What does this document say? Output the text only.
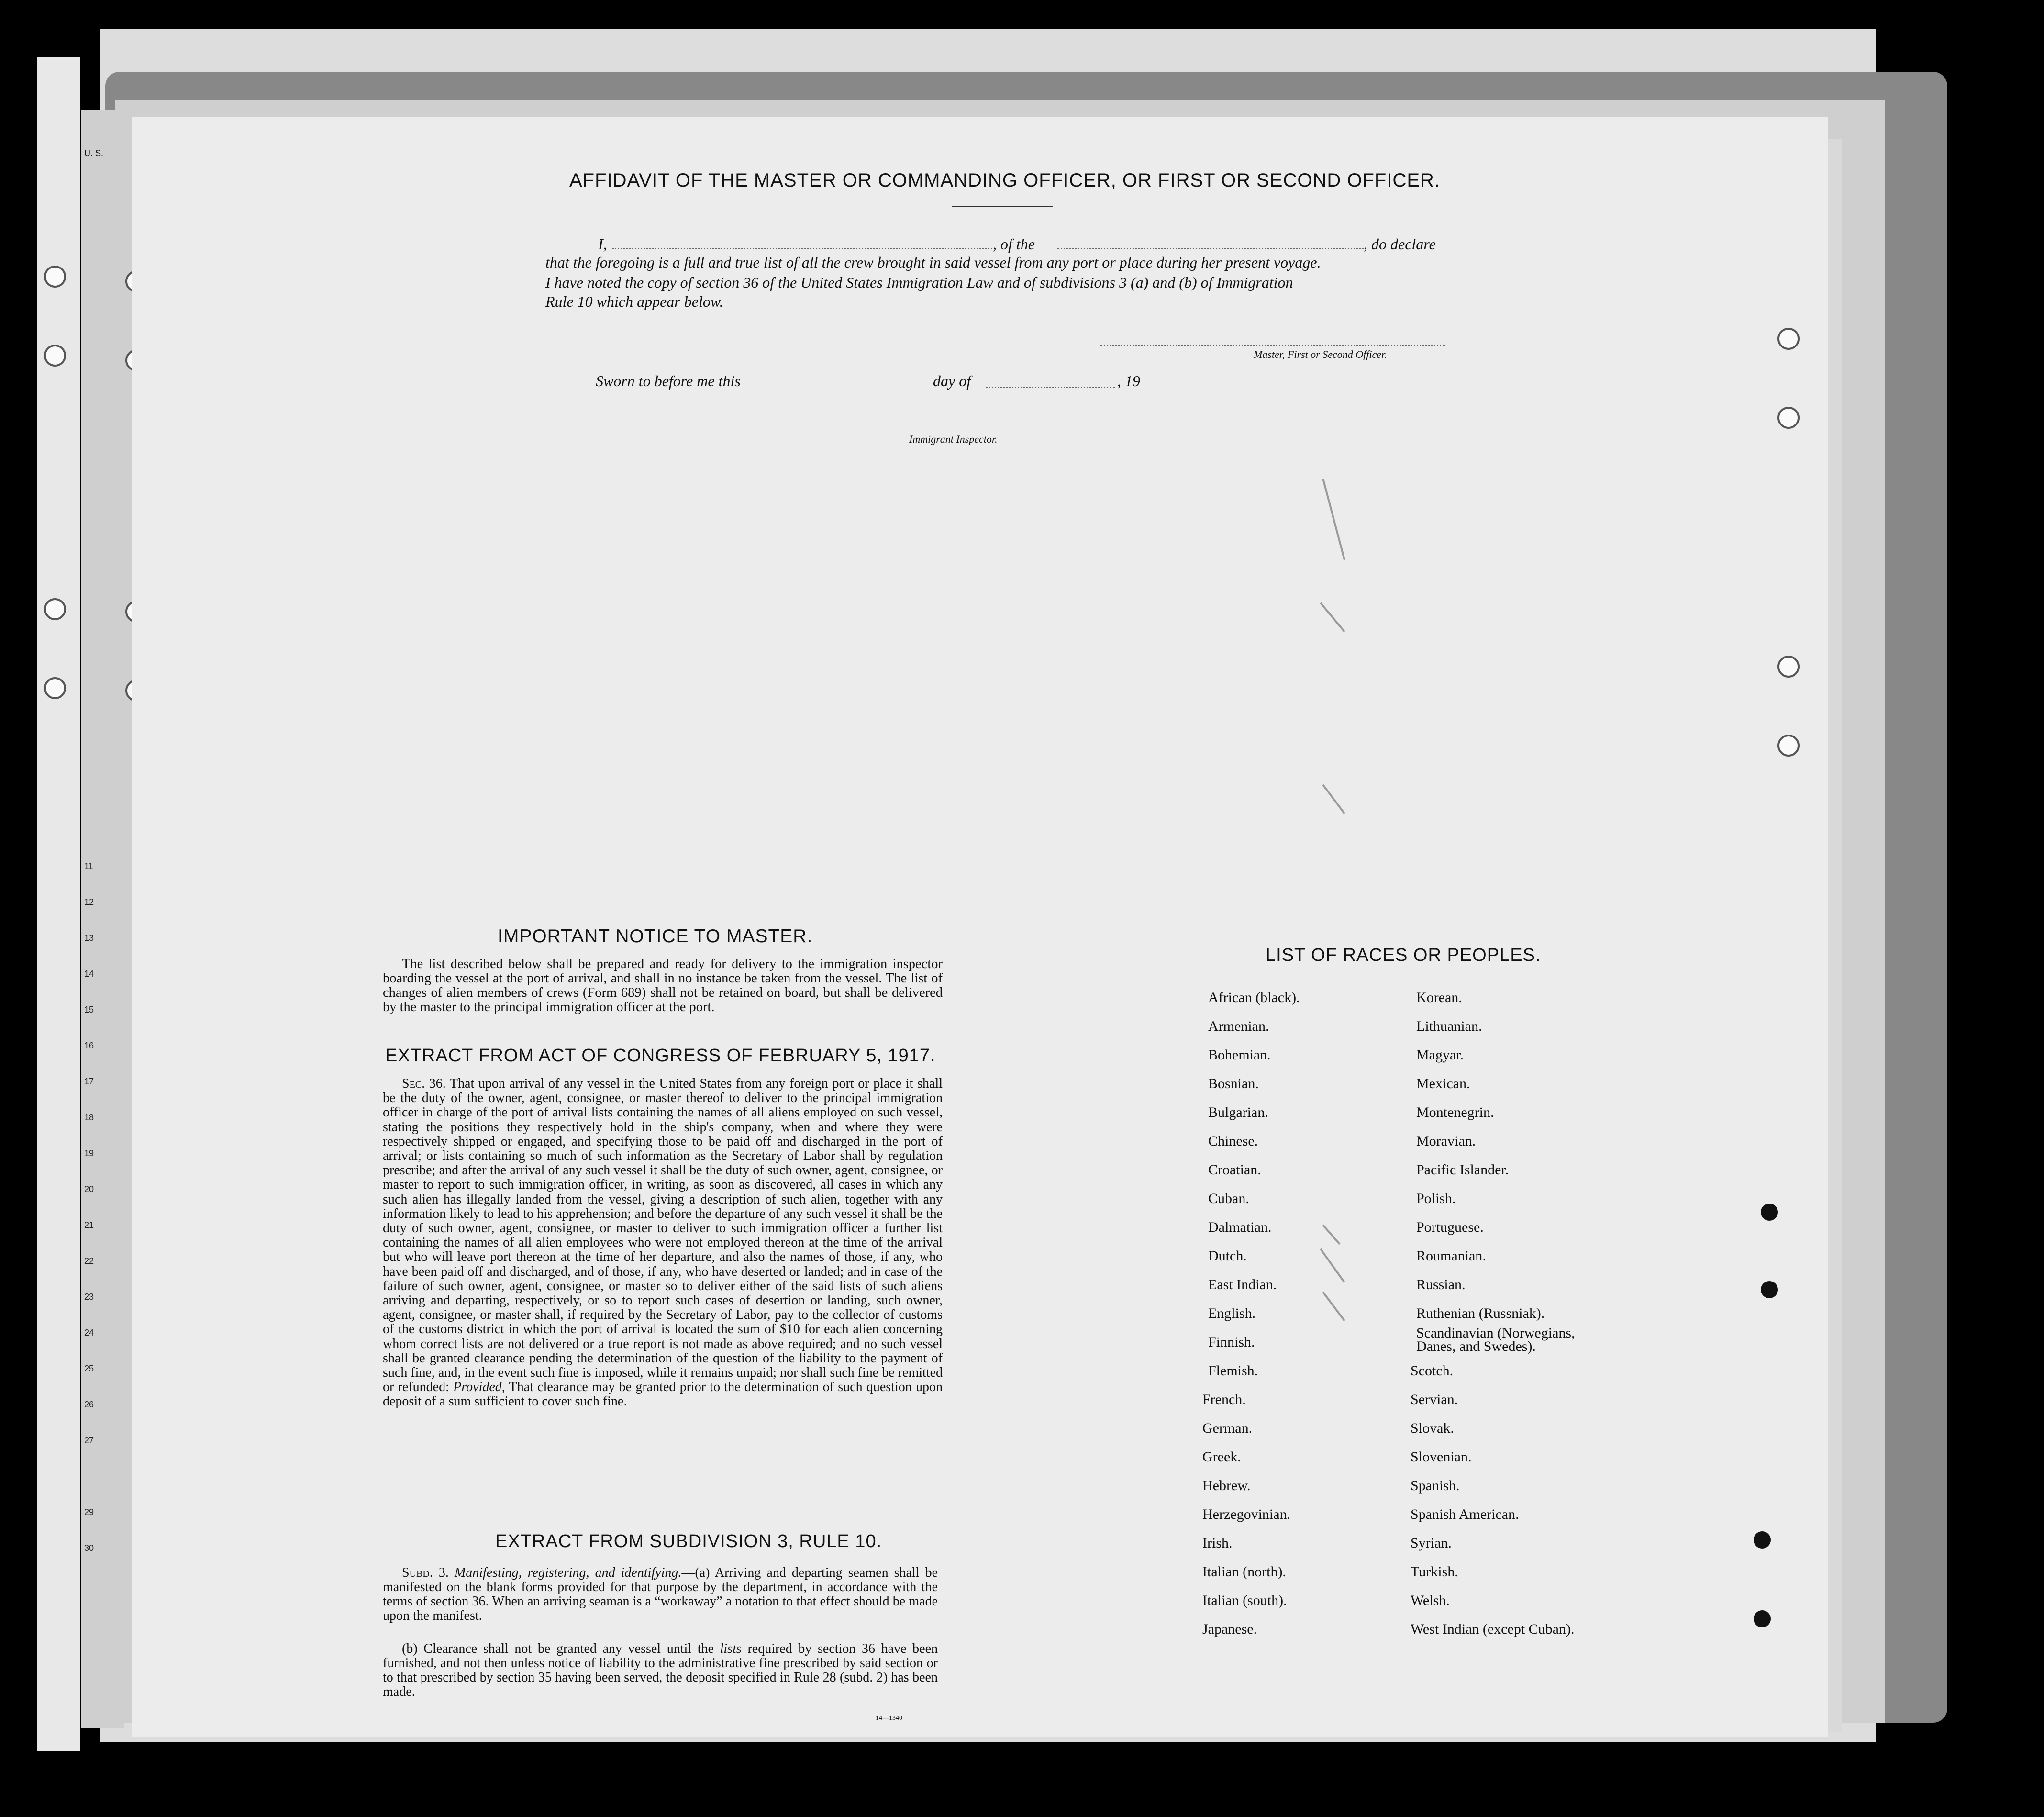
U. S.
11
12
13
14
15
16
17
18
19
20
21
22
23
24
25
26
27
29
30
AFFIDAVIT OF THE MASTER OR COMMANDING OFFICER, OR FIRST OR SECOND OFFICER.
I,	, of the	, do declare
that the foregoing is a full and true list of all the crew brought in said vessel from any port or place during her present voyage.
I have noted the copy of section 36 of the United States Immigration Law and of subdivisions 3 (a) and (b) of Immigration
Rule 10 which appear below.
Master, First or Second Officer.
Sworn to before me this	day of	, 19
Immigrant Inspector.
IMPORTANT NOTICE TO MASTER.
The list described below shall be prepared and ready for delivery to the immigration inspector boarding the vessel at the port of arrival, and shall in no instance be taken from the vessel. The list of changes of alien members of crews (Form 689) shall not be retained on board, but shall be delivered by the master to the principal immigration officer at the port.
EXTRACT FROM ACT OF CONGRESS OF FEBRUARY 5, 1917.
Sec. 36. That upon arrival of any vessel in the United States from any foreign port or place it shall be the duty of the owner, agent, consignee, or master thereof to deliver to the principal immigration officer in charge of the port of arrival lists containing the names of all aliens employed on such vessel, stating the positions they respectively hold in the ship's company, when and where they were respectively shipped or engaged, and specifying those to be paid off and discharged in the port of arrival; or lists containing so much of such information as the Secretary of Labor shall by regulation prescribe; and after the arrival of any such vessel it shall be the duty of such owner, agent, consignee, or master to report to such immigration officer, in writing, as soon as discovered, all cases in which any such alien has illegally landed from the vessel, giving a description of such alien, together with any information likely to lead to his apprehension; and before the departure of any such vessel it shall be the duty of such owner, agent, consignee, or master to deliver to such immigration officer a further list containing the names of all alien employees who were not employed thereon at the time of the arrival but who will leave port thereon at the time of her departure, and also the names of those, if any, who have been paid off and discharged, and of those, if any, who have deserted or landed; and in case of the failure of such owner, agent, consignee, or master so to deliver either of the said lists of such aliens arriving and departing, respectively, or so to report such cases of desertion or landing, such owner, agent, consignee, or master shall, if required by the Secretary of Labor, pay to the collector of customs of the customs district in which the port of arrival is located the sum of $10 for each alien concerning whom correct lists are not delivered or a true report is not made as above required; and no such vessel shall be granted clearance pending the determination of the question of the liability to the payment of such fine, and, in the event such fine is imposed, while it remains unpaid; nor shall such fine be remitted or refunded: Provided, That clearance may be granted prior to the determination of such question upon deposit of a sum sufficient to cover such fine.
EXTRACT FROM SUBDIVISION 3, RULE 10.
Subd. 3. Manifesting, registering, and identifying.—(a) Arriving and departing seamen shall be manifested on the blank forms provided for that purpose by the department, in accordance with the terms of section 36. When an arriving seaman is a “workaway” a notation to that effect should be made upon the manifest.
(b) Clearance shall not be granted any vessel until the lists required by section 36 have been furnished, and not then unless notice of liability to the administrative fine prescribed by said section or to that prescribed by section 35 having been served, the deposit specified in Rule 28 (subd. 2) has been made.
14—1340
LIST OF RACES OR PEOPLES.
African (black).
Armenian.
Bohemian.
Bosnian.
Bulgarian.
Chinese.
Croatian.
Cuban.
Dalmatian.
Dutch.
East Indian.
English.
Finnish.
Flemish.
French.
German.
Greek.
Hebrew.
Herzegovinian.
Irish.
Italian (north).
Italian (south).
Japanese.
Korean.
Lithuanian.
Magyar.
Mexican.
Montenegrin.
Moravian.
Pacific Islander.
Polish.
Portuguese.
Roumanian.
Russian.
Ruthenian (Russniak).
Scandinavian (Norwegians, Danes, and Swedes).
Scotch.
Servian.
Slovak.
Slovenian.
Spanish.
Spanish American.
Syrian.
Turkish.
Welsh.
West Indian (except Cuban).
